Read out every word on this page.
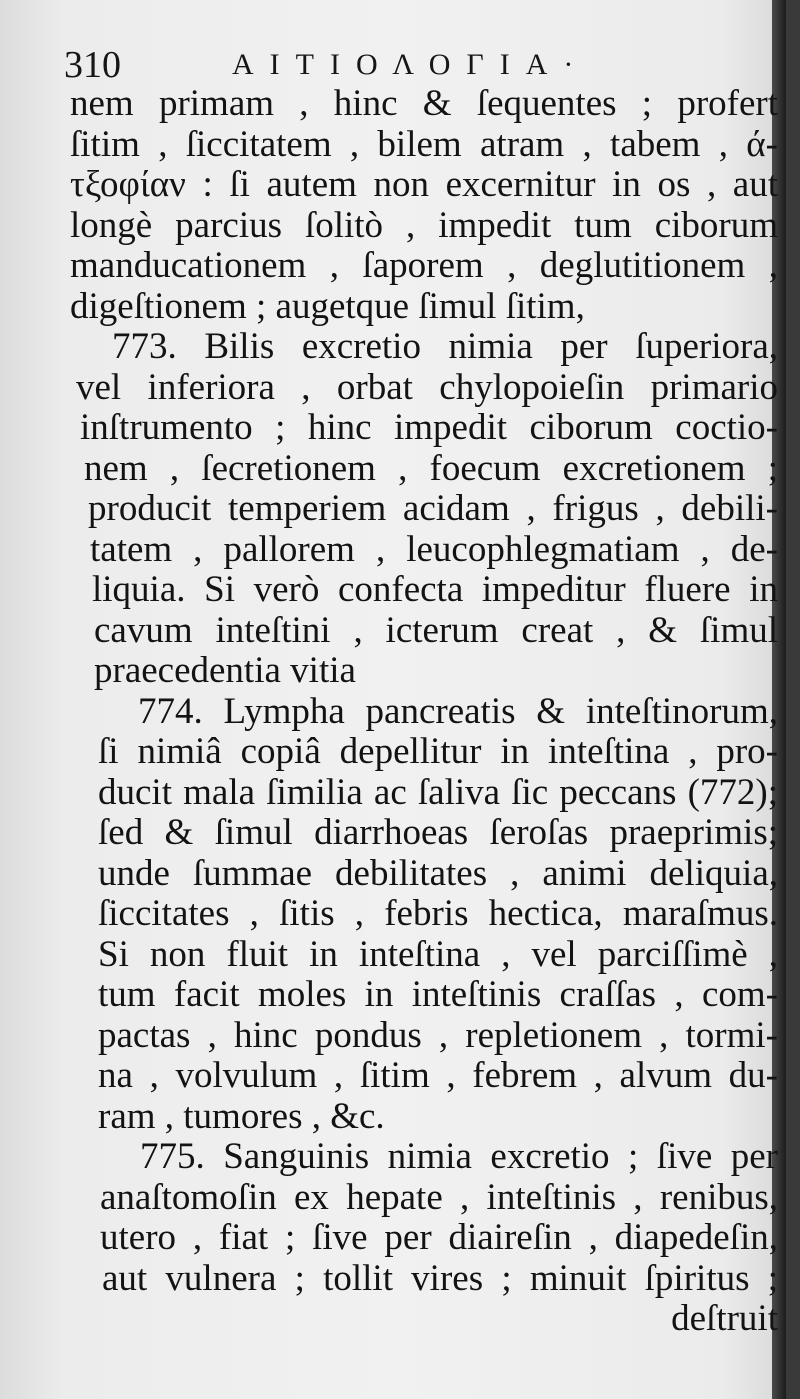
310	ΑΙΤΙΟΛΟΓΙΑ·
nem primam , hinc & ſequentes ; profert
ſitim , ſiccitatem , bilem atram , tabem , ά-
τξοφίαν : ſi autem non excernitur in os , aut
longè parcius ſolitò , impedit tum ciborum
manducationem , ſaporem , deglutitionem ,
digeſtionem ; augetque ſimul ſitim,
773. Bilis excretio nimia per ſuperiora,
vel inferiora , orbat chylopoieſin primario
inſtrumento ; hinc impedit ciborum coctio-
nem , ſecretionem , foecum excretionem ;
producit temperiem acidam , frigus , debili-
tatem , pallorem , leucophlegmatiam , de-
liquia. Si verò confecta impeditur fluere in
cavum inteſtini , icterum creat , & ſimul
praecedentia vitia
774. Lympha pancreatis & inteſtinorum,
ſi nimiâ copiâ depellitur in inteſtina , pro-
ducit mala ſimilia ac ſaliva ſic peccans (772);
ſed & ſimul diarrhoeas ſeroſas praeprimis;
unde ſummae debilitates , animi deliquia,
ſiccitates , ſitis , febris hectica, maraſmus.
Si non fluit in inteſtina , vel parciſſimè ,
tum facit moles in inteſtinis craſſas , com-
pactas , hinc pondus , repletionem , tormi-
na , volvulum , ſitim , febrem , alvum du-
ram , tumores , &c.
775. Sanguinis nimia excretio ; ſive per
anaſtomoſin ex hepate , inteſtinis , renibus,
utero , fiat ; ſive per diaireſin , diapedeſin,
aut vulnera ; tollit vires ; minuit ſpiritus ;
deſtruit
